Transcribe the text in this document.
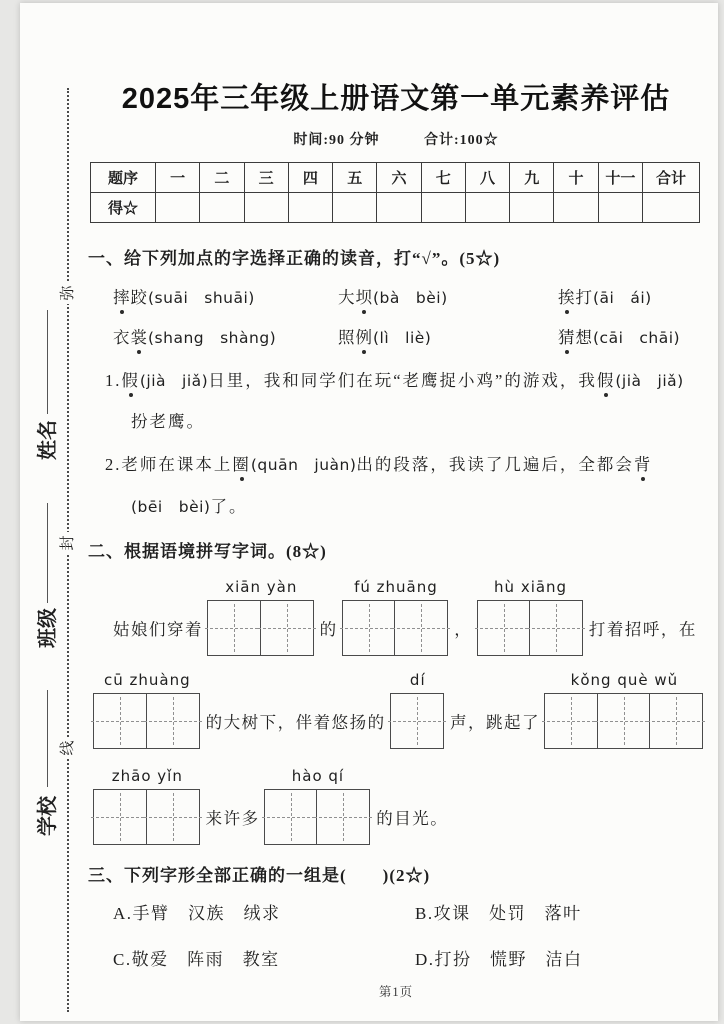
弥
封
线
姓名
班级
学校
2025年三年级上册语文第一单元素养评估
时间:90 分钟	合计:100☆
题序	一	二	三	四	五	六	七	八	九	十	十一	合计
得☆												
一、给下列加点的字选择正确的读音，打“√”。(5☆)
摔跤(suāi　shuāi)	大坝(bà　bèi)	挨打(āi　ái)
衣裳(shang　shàng)	照例(lì　liè)	猜想(cāi　chāi)
1.假(jià　jiǎ)日里，我和同学们在玩“老鹰捉小鸡”的游戏，我假(jià　jiǎ)
扮老鹰。
2.老师在课本上圈(quān　juàn)出的段落，我读了几遍后，全都会背
(bēi　bèi)了。
二、根据语境拼写字词。(8☆)
姑娘们穿着
xiān yàn
的
fú zhuāng
，
hù xiāng
打着招呼，在
cū zhuàng
的大树下，伴着悠扬的
dí
声，跳起了
kǒng què wǔ
zhāo yǐn
来许多
hào qí
的目光。
三、下列字形全部正确的一组是(　　)(2☆)
A.手臂　汉族　绒求	B.攻课　处罚　落叶
C.敬爱　阵雨　教室	D.打扮　慌野　洁白
第1页
